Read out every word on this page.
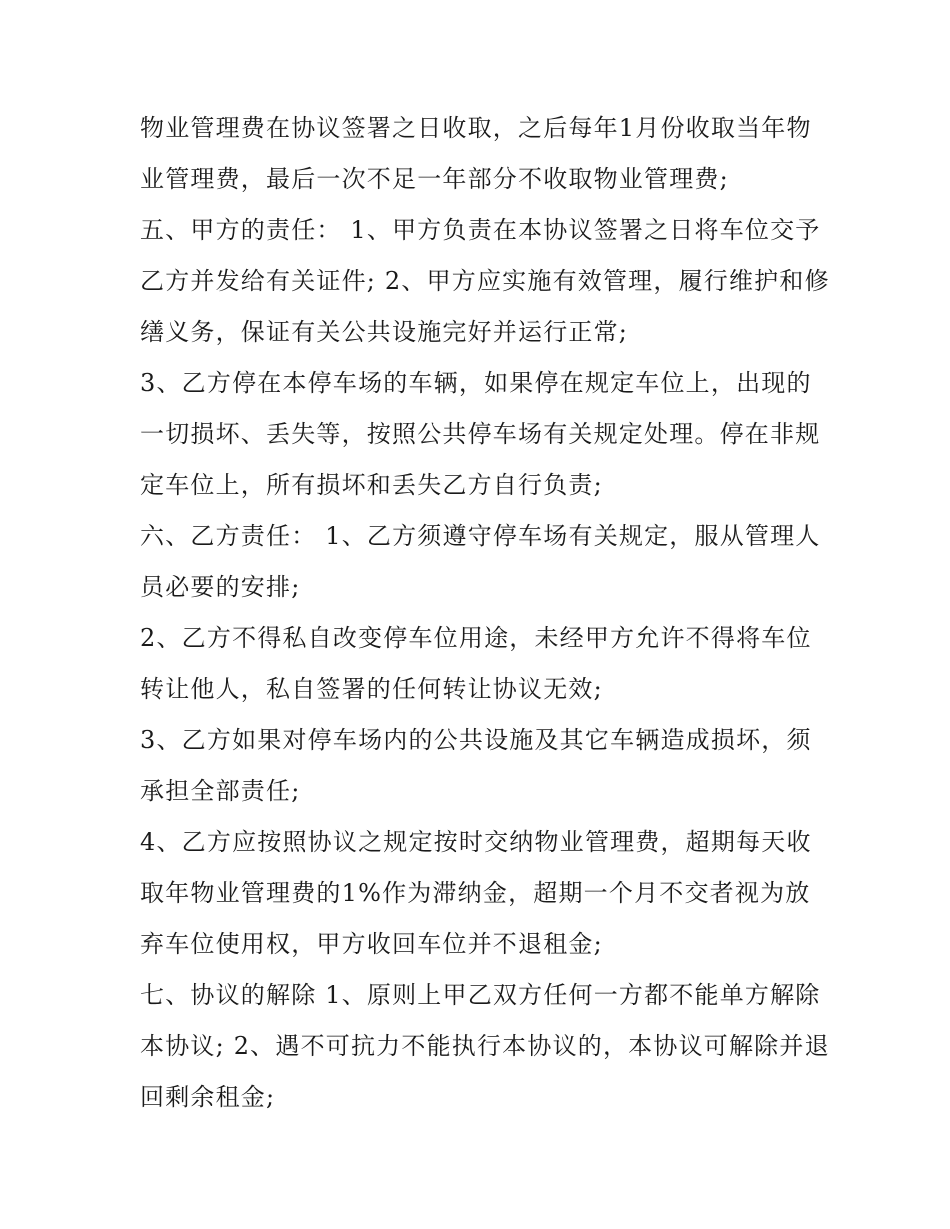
物业管理费在协议签署之日收取，之后每年1月份收取当年物
业管理费，最后一次不足一年部分不收取物业管理费;
五、甲方的责任： 1、甲方负责在本协议签署之日将车位交予
乙方并发给有关证件; 2、甲方应实施有效管理，履行维护和修
缮义务，保证有关公共设施完好并运行正常;
3、乙方停在本停车场的车辆，如果停在规定车位上，出现的
一切损坏、丢失等，按照公共停车场有关规定处理。停在非规
定车位上，所有损坏和丢失乙方自行负责;
六、乙方责任： 1、乙方须遵守停车场有关规定，服从管理人
员必要的安排;
2、乙方不得私自改变停车位用途，未经甲方允许不得将车位
转让他人，私自签署的任何转让协议无效;
3、乙方如果对停车场内的公共设施及其它车辆造成损坏，须
承担全部责任;
4、乙方应按照协议之规定按时交纳物业管理费，超期每天收
取年物业管理费的1%作为滞纳金，超期一个月不交者视为放
弃车位使用权，甲方收回车位并不退租金;
七、协议的解除 1、原则上甲乙双方任何一方都不能单方解除
本协议; 2、遇不可抗力不能执行本协议的，本协议可解除并退
回剩余租金;
